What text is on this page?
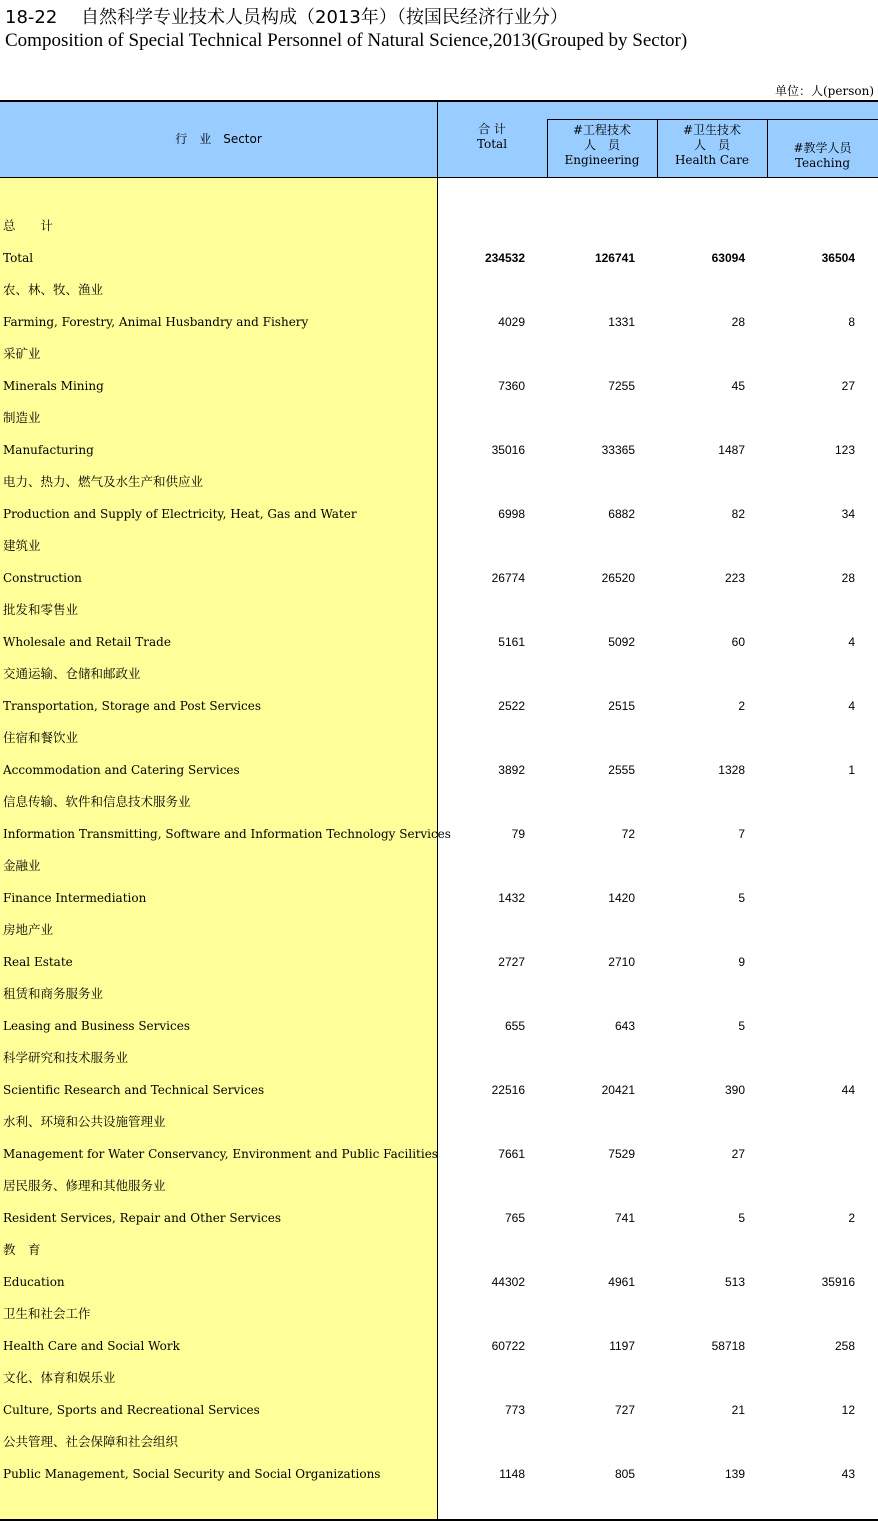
18-22　 自然科学专业技术人员构成（2013年）（按国民经济行业分）
Composition of Special Technical Personnel of Natural Science,2013(Grouped by Sector)
单位：人(person)
行　业　Sector
合 计
Total
#工程技术
人　员
Engineering
#卫生技术
人　员
Health Care
#教学人员
Teaching
总　　计
Total	234532	126741	63094	36504
农、林、牧、渔业
Farming, Forestry, Animal Husbandry and Fishery	4029	1331	28	8
采矿业
Minerals Mining	7360	7255	45	27
制造业
Manufacturing	35016	33365	1487	123
电力、热力、燃气及水生产和供应业
Production and Supply of Electricity, Heat, Gas and Water	6998	6882	82	34
建筑业
Construction	26774	26520	223	28
批发和零售业
Wholesale and Retail Trade	5161	5092	60	4
交通运输、仓储和邮政业
Transportation, Storage and Post Services	2522	2515	2	4
住宿和餐饮业
Accommodation and Catering Services	3892	2555	1328	1
信息传输、软件和信息技术服务业
Information Transmitting, Software and Information Technology Services	79	72	7
金融业
Finance Intermediation	1432	1420	5
房地产业
Real Estate	2727	2710	9
租赁和商务服务业
Leasing and Business Services	655	643	5
科学研究和技术服务业
Scientific Research and Technical Services	22516	20421	390	44
水利、环境和公共设施管理业
Management for Water Conservancy, Environment and Public Facilities	7661	7529	27
居民服务、修理和其他服务业
Resident Services, Repair and Other Services	765	741	5	2
教　育
Education	44302	4961	513	35916
卫生和社会工作
Health Care and Social Work	60722	1197	58718	258
文化、体育和娱乐业
Culture, Sports and Recreational Services	773	727	21	12
公共管理、社会保障和社会组织
Public Management, Social Security and Social Organizations	1148	805	139	43
